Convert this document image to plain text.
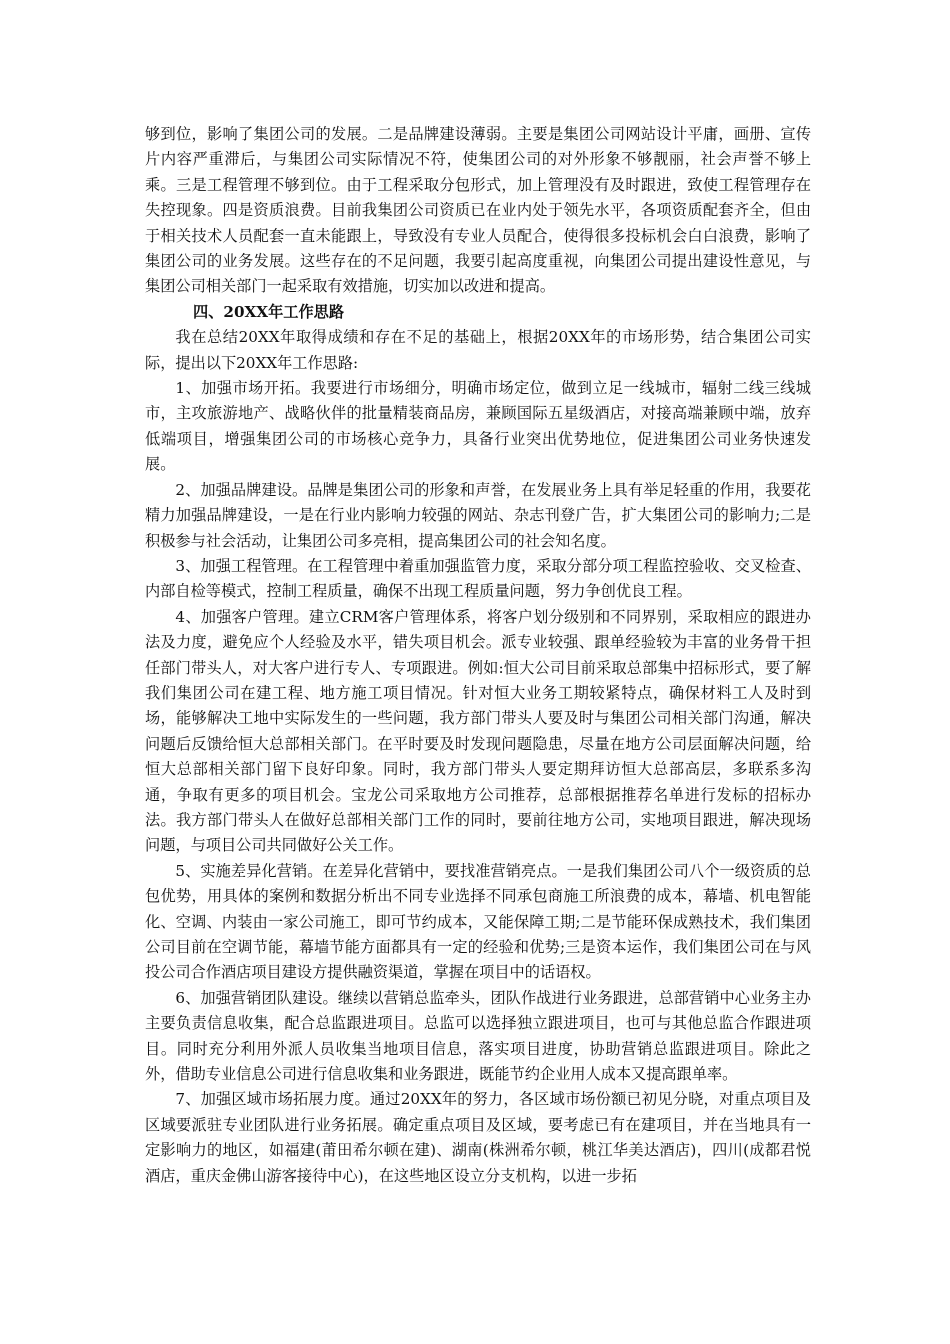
够到位，影响了集团公司的发展。二是品牌建设薄弱。主要是集团公司网站设计平庸，画册、宣传片内容严重滞后，与集团公司实际情况不符，使集团公司的对外形象不够靓丽，社会声誉不够上乘。三是工程管理不够到位。由于工程采取分包形式，加上管理没有及时跟进，致使工程管理存在失控现象。四是资质浪费。目前我集团公司资质已在业内处于领先水平，各项资质配套齐全，但由于相关技术人员配套一直未能跟上，导致没有专业人员配合，使得很多投标机会白白浪费，影响了集团公司的业务发展。这些存在的不足问题，我要引起高度重视，向集团公司提出建设性意见，与集团公司相关部门一起采取有效措施，切实加以改进和提高。

四、20XX年工作思路

我在总结20XX年取得成绩和存在不足的基础上，根据20XX年的市场形势，结合集团公司实际，提出以下20XX年工作思路:

1、加强市场开拓。我要进行市场细分，明确市场定位，做到立足一线城市，辐射二线三线城市，主攻旅游地产、战略伙伴的批量精装商品房，兼顾国际五星级酒店，对接高端兼顾中端，放弃低端项目，增强集团公司的市场核心竞争力，具备行业突出优势地位，促进集团公司业务快速发展。

2、加强品牌建设。品牌是集团公司的形象和声誉，在发展业务上具有举足轻重的作用，我要花精力加强品牌建设，一是在行业内影响力较强的网站、杂志刊登广告，扩大集团公司的影响力;二是积极参与社会活动，让集团公司多亮相，提高集团公司的社会知名度。

3、加强工程管理。在工程管理中着重加强监管力度，采取分部分项工程监控验收、交叉检查、内部自检等模式，控制工程质量，确保不出现工程质量问题，努力争创优良工程。

4、加强客户管理。建立CRM客户管理体系，将客户划分级别和不同界别，采取相应的跟进办法及力度，避免应个人经验及水平，错失项目机会。派专业较强、跟单经验较为丰富的业务骨干担任部门带头人，对大客户进行专人、专项跟进。例如:恒大公司目前采取总部集中招标形式，要了解我们集团公司在建工程、地方施工项目情况。针对恒大业务工期较紧特点，确保材料工人及时到场，能够解决工地中实际发生的一些问题，我方部门带头人要及时与集团公司相关部门沟通，解决问题后反馈给恒大总部相关部门。在平时要及时发现问题隐患，尽量在地方公司层面解决问题，给恒大总部相关部门留下良好印象。同时，我方部门带头人要定期拜访恒大总部高层，多联系多沟通，争取有更多的项目机会。宝龙公司采取地方公司推荐，总部根据推荐名单进行发标的招标办法。我方部门带头人在做好总部相关部门工作的同时，要前往地方公司，实地项目跟进，解决现场问题，与项目公司共同做好公关工作。

5、实施差异化营销。在差异化营销中，要找准营销亮点。一是我们集团公司八个一级资质的总包优势，用具体的案例和数据分析出不同专业选择不同承包商施工所浪费的成本，幕墙、机电智能化、空调、内装由一家公司施工，即可节约成本，又能保障工期;二是节能环保成熟技术，我们集团公司目前在空调节能，幕墙节能方面都具有一定的经验和优势;三是资本运作，我们集团公司在与风投公司合作酒店项目建设方提供融资渠道，掌握在项目中的话语权。

6、加强营销团队建设。继续以营销总监牵头，团队作战进行业务跟进，总部营销中心业务主办主要负责信息收集，配合总监跟进项目。总监可以选择独立跟进项目，也可与其他总监合作跟进项目。同时充分利用外派人员收集当地项目信息，落实项目进度，协助营销总监跟进项目。除此之外，借助专业信息公司进行信息收集和业务跟进，既能节约企业用人成本又提高跟单率。

7、加强区域市场拓展力度。通过20XX年的努力，各区域市场份额已初见分晓，对重点项目及区域要派驻专业团队进行业务拓展。确定重点项目及区域，要考虑已有在建项目，并在当地具有一定影响力的地区，如福建(莆田希尔顿在建)、湖南(株洲希尔顿，桃江华美达酒店)，四川(成都君悦酒店，重庆金佛山游客接待中心)，在这些地区设立分支机构，以进一步拓
